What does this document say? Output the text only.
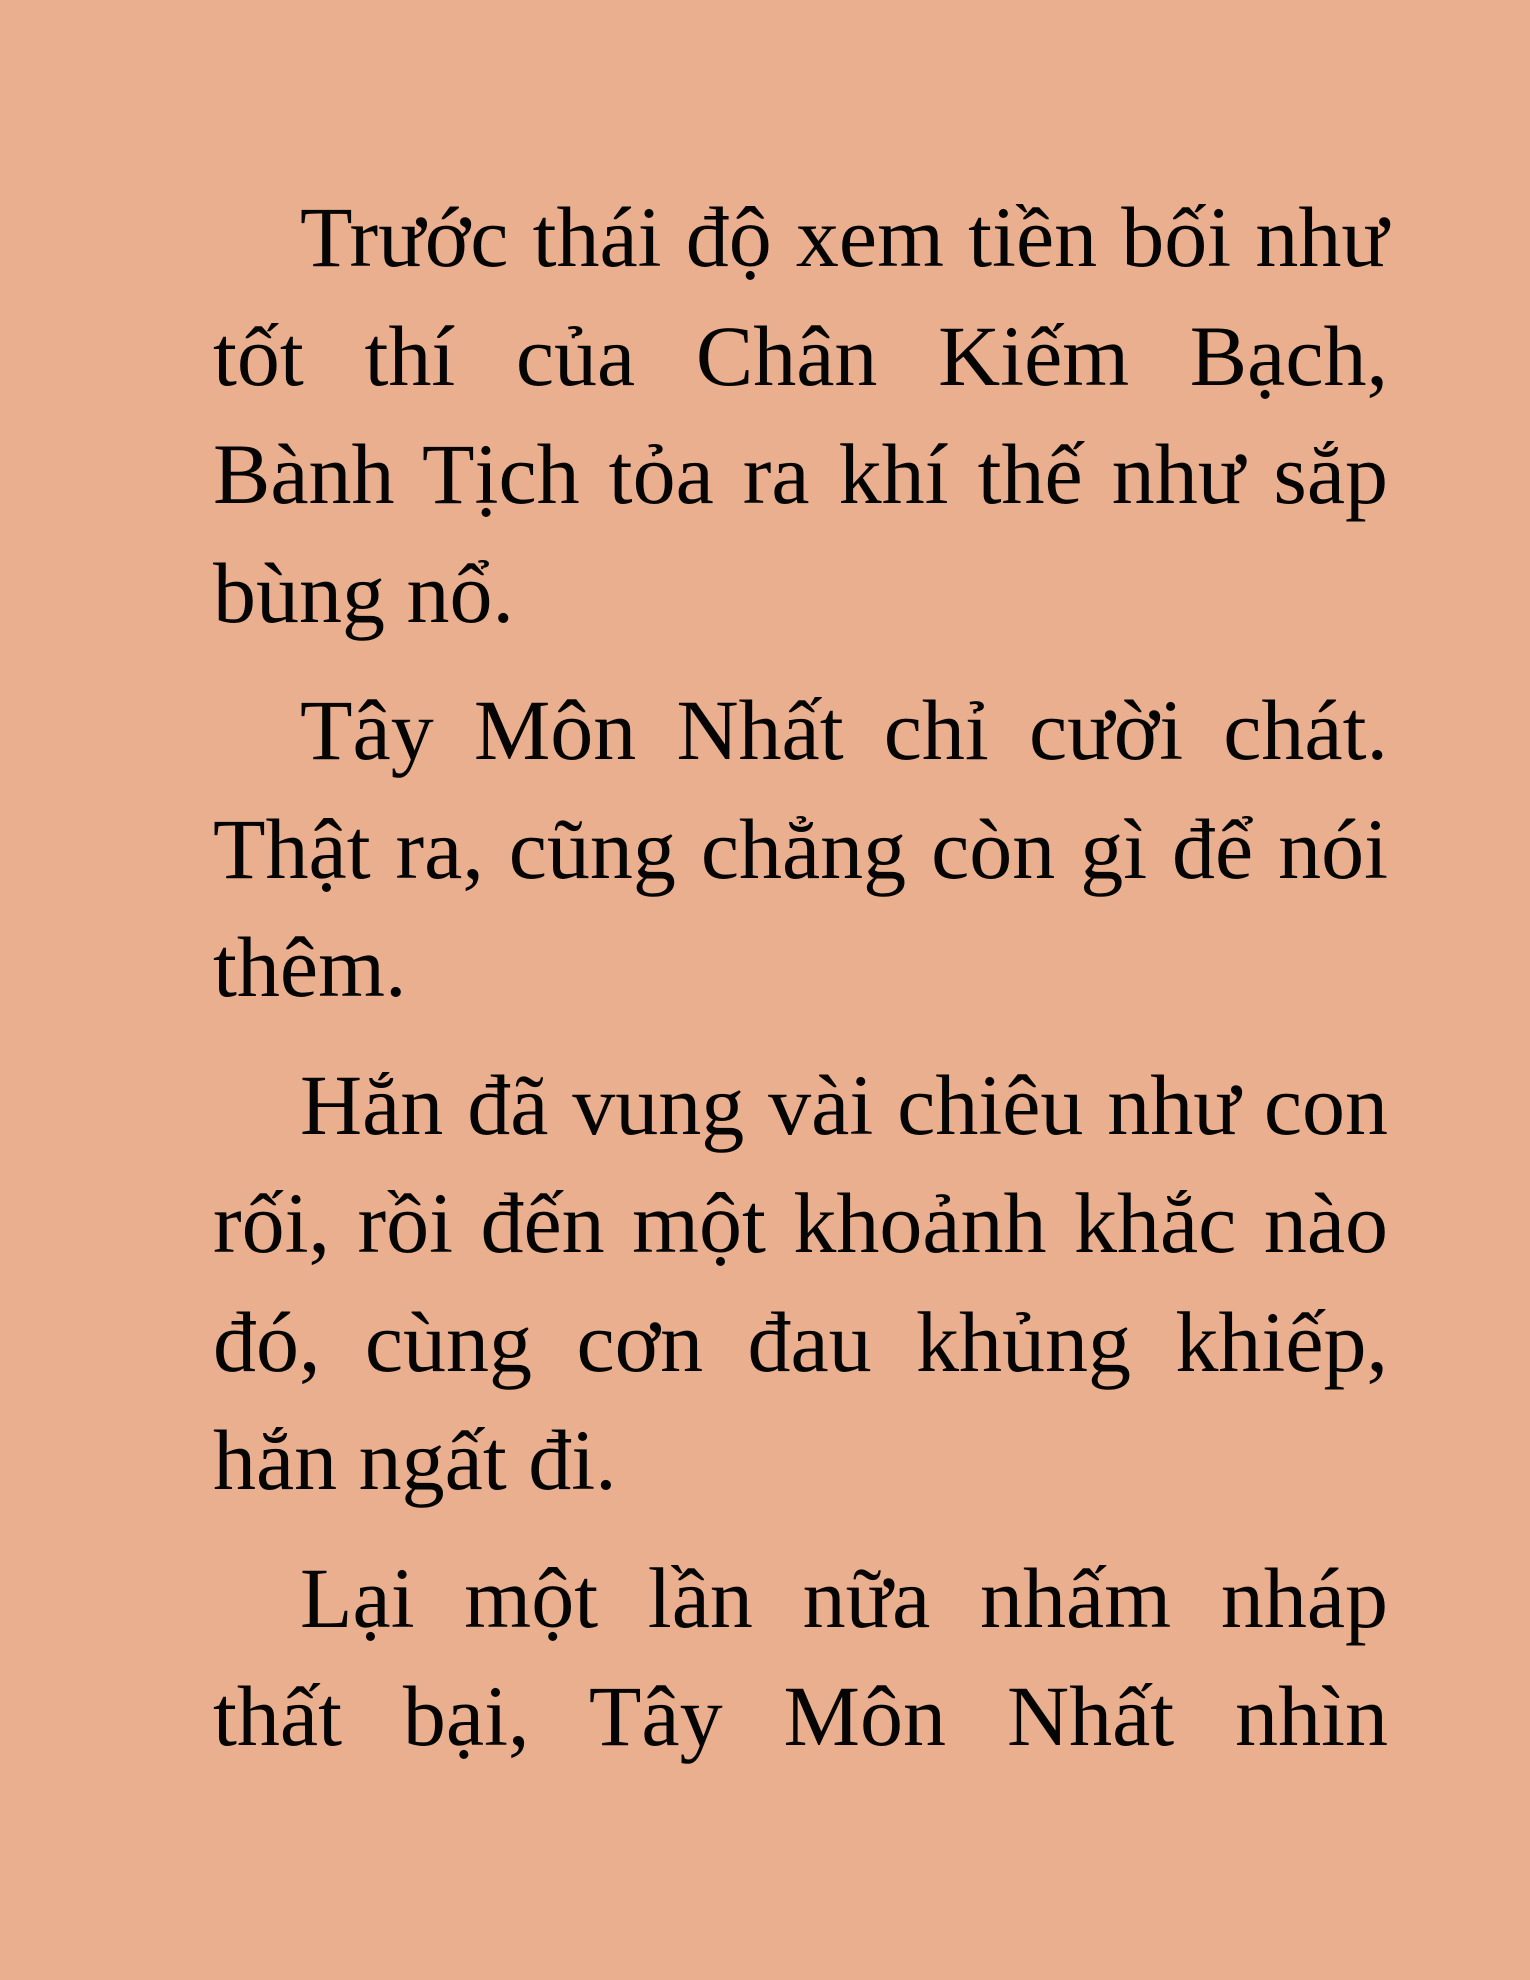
Trước thái độ xem tiền bối như tốt thí của Chân Kiếm Bạch, Bành Tịch tỏa ra khí thế như sắp bùng nổ.

Tây Môn Nhất chỉ cười chát. Thật ra, cũng chẳng còn gì để nói thêm.

Hắn đã vung vài chiêu như con rối, rồi đến một khoảnh khắc nào đó, cùng cơn đau khủng khiếp, hắn ngất đi.

Lại một lần nữa nhấm nháp thất bại, Tây Môn Nhất nhìn
